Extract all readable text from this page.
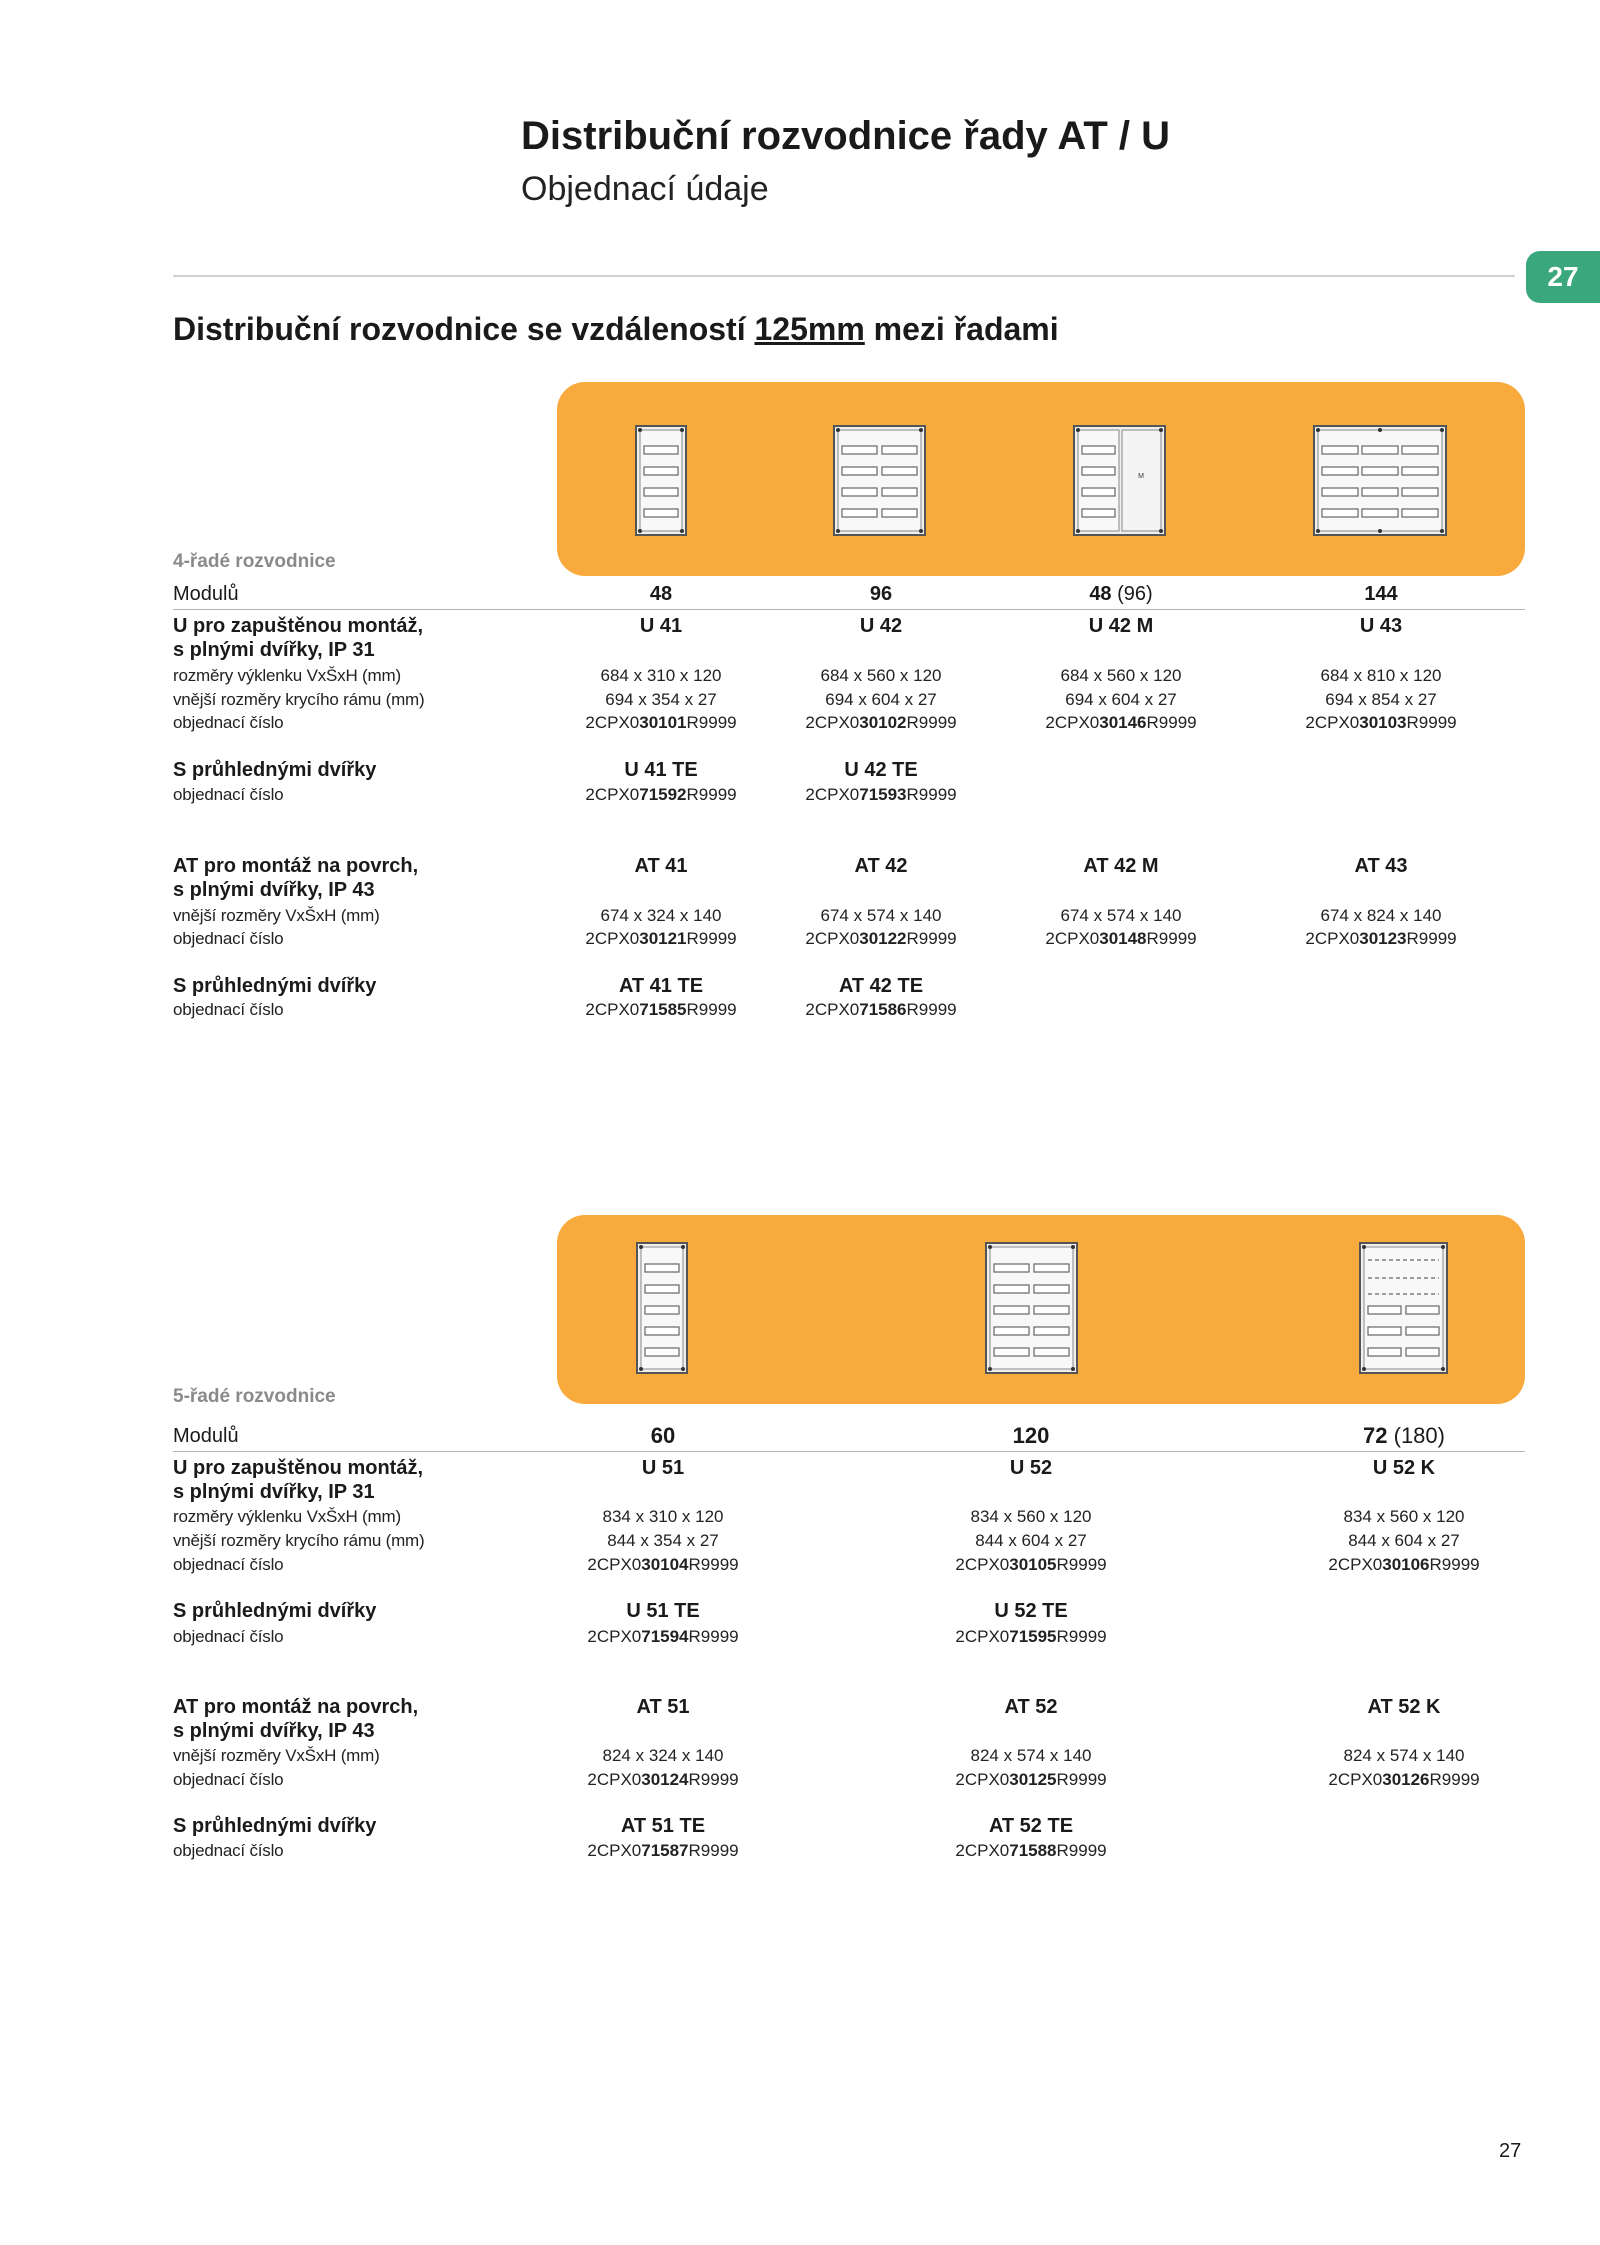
Distribuční rozvodnice řady AT / U
Objednací údaje
27
Distribuční rozvodnice se vzdáleností 125mm mezi řadami
M
4-řadé rozvodnice
Modulů
U pro zapuštěnou montáž,
s plnými dvířky, IP 31
rozměry výklenku VxŠxH (mm)
vnější rozměry krycího rámu (mm)
objednací číslo
S průhlednými dvířky
objednací číslo
AT pro montáž na povrch,
s plnými dvířky, IP 43
vnější rozměry VxŠxH (mm)
objednací číslo
S průhlednými dvířky
objednací číslo
48
U 41
684 x 310 x 120
694 x 354 x 27
2CPX030101R9999
U 41 TE
2CPX071592R9999
AT 41
674 x 324 x 140
2CPX030121R9999
AT 41 TE
2CPX071585R9999
96
U 42
684 x 560 x 120
694 x 604 x 27
2CPX030102R9999
U 42 TE
2CPX071593R9999
AT 42
674 x 574 x 140
2CPX030122R9999
AT 42 TE
2CPX071586R9999
48 (96)
U 42 M
684 x 560 x 120
694 x 604 x 27
2CPX030146R9999
AT 42 M
674 x 574 x 140
2CPX030148R9999
144
U 43
684 x 810 x 120
694 x 854 x 27
2CPX030103R9999
AT 43
674 x 824 x 140
2CPX030123R9999
5-řadé rozvodnice
Modulů
U pro zapuštěnou montáž,
s plnými dvířky, IP 31
rozměry výklenku VxŠxH (mm)
vnější rozměry krycího rámu (mm)
objednací číslo
S průhlednými dvířky
objednací číslo
AT pro montáž na povrch,
s plnými dvířky, IP 43
vnější rozměry VxŠxH (mm)
objednací číslo
S průhlednými dvířky
objednací číslo
60
U 51
834 x 310 x 120
844 x 354 x 27
2CPX030104R9999
U 51 TE
2CPX071594R9999
AT 51
824 x 324 x 140
2CPX030124R9999
AT 51 TE
2CPX071587R9999
120
U 52
834 x 560 x 120
844 x 604 x 27
2CPX030105R9999
U 52 TE
2CPX071595R9999
AT 52
824 x 574 x 140
2CPX030125R9999
AT 52 TE
2CPX071588R9999
72 (180)
U 52 K
834 x 560 x 120
844 x 604 x 27
2CPX030106R9999
AT 52 K
824 x 574 x 140
2CPX030126R9999
27
